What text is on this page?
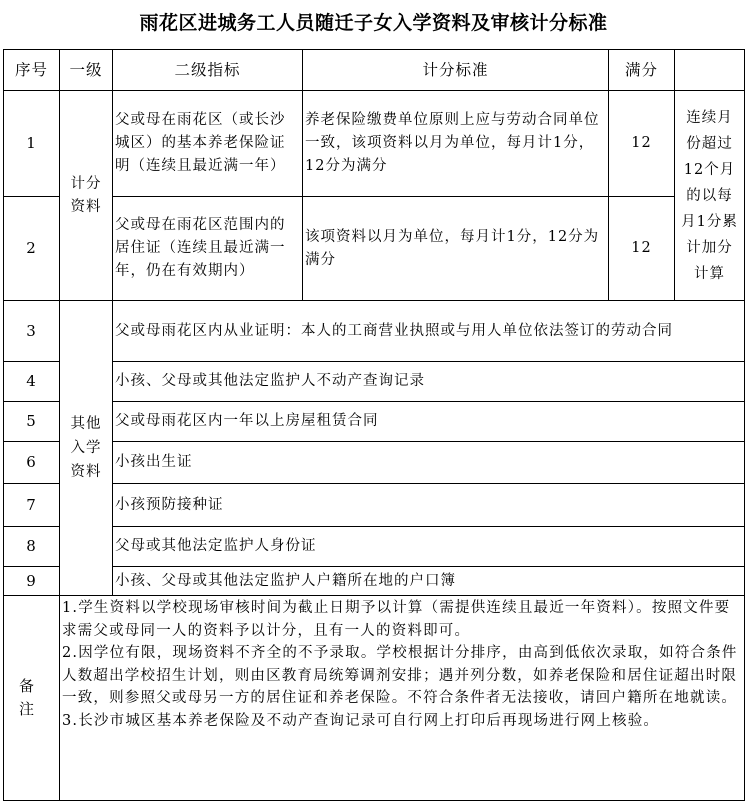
雨花区进城务工人员随迁子女入学资料及审核计分标准
序号	一级	二级指标	计分标准	满分	
1	计分资料	父或母在雨花区（或长沙城区）的基本养老保险证明（连续且最近满一年）	养老保险缴费单位原则上应与劳动合同单位一致，该项资料以月为单位，每月计1分，12分为满分	12	连续月份超过12个月的以每月1分累计加分计算
2		父或母在雨花区范围内的居住证（连续且最近满一年，仍在有效期内）	该项资料以月为单位，每月计1分，12分为满分	12	
3	其他入学资料	父或母雨花区内从业证明：本人的工商营业执照或与用人单位依法签订的劳动合同			
4		小孩、父母或其他法定监护人不动产查询记录			
5		父或母雨花区内一年以上房屋租赁合同			
6		小孩出生证			
7		小孩预防接种证			
8		父母或其他法定监护人身份证			
9		小孩、父母或其他法定监护人户籍所在地的户口簿			
备 注	1.学生资料以学校现场审核时间为截止日期予以计算（需提供连续且最近一年资料）。按照文件要求需父或母同一人的资料予以计分，且有一人的资料即可。
2.因学位有限，现场资料不齐全的不予录取。学校根据计分排序，由高到低依次录取，如符合条件人数超出学校招生计划，则由区教育局统筹调剂安排；遇并列分数，如养老保险和居住证超出时限一致，则参照父或母另一方的居住证和养老保险。不符合条件者无法接收，请回户籍所在地就读。
3.长沙市城区基本养老保险及不动产查询记录可自行网上打印后再现场进行网上核验。				
